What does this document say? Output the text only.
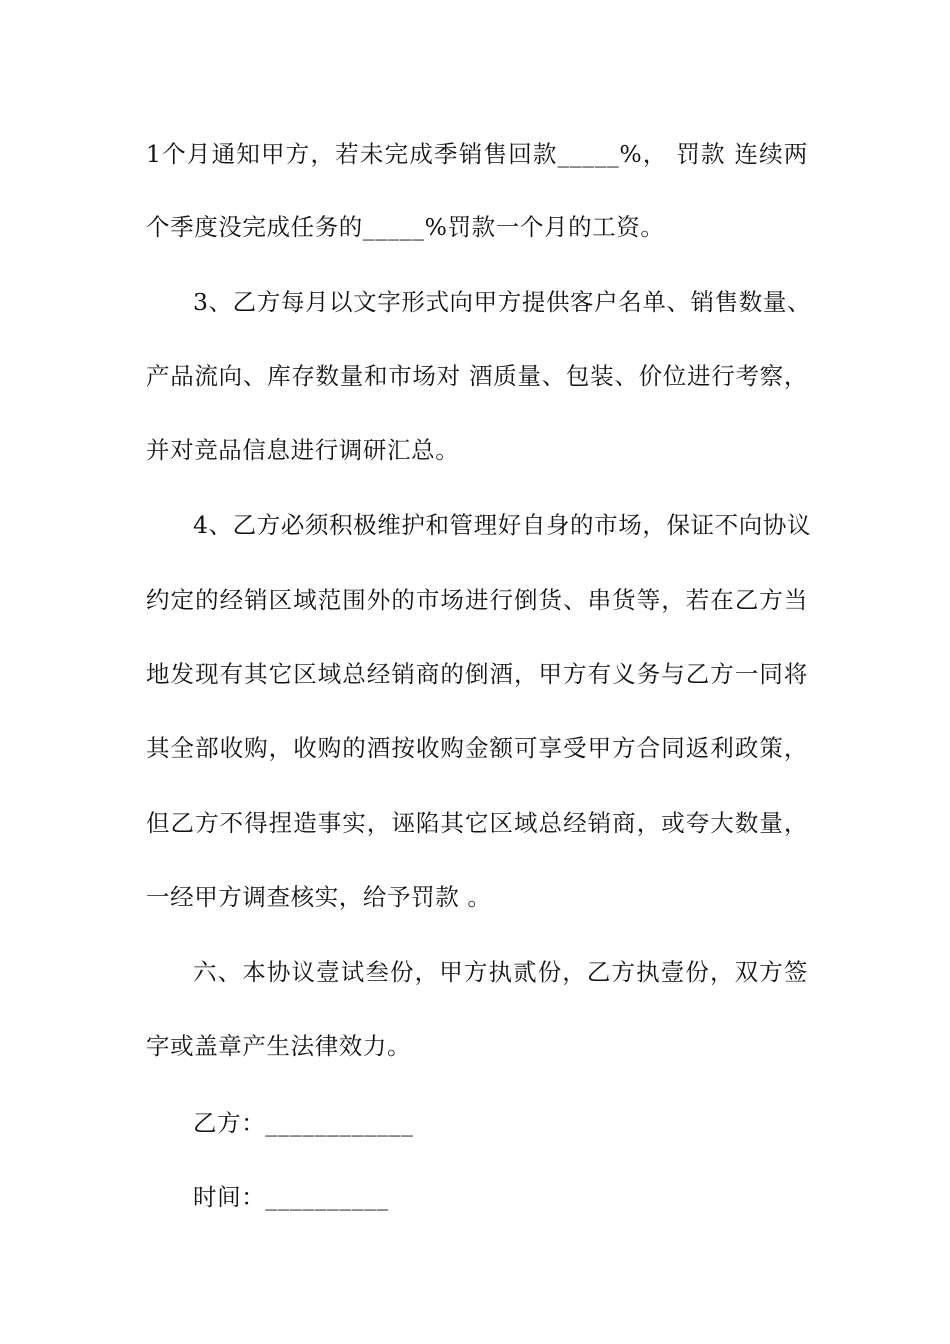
1个月通知甲方，若未完成季销售回款_____%， 罚款 连续两
个季度没完成任务的_____%罚款一个月的工资。
3、乙方每月以文字形式向甲方提供客户名单、销售数量、
产品流向、库存数量和市场对 酒质量、包装、价位进行考察，
并对竞品信息进行调研汇总。
4、乙方必须积极维护和管理好自身的市场，保证不向协议
约定的经销区域范围外的市场进行倒货、串货等，若在乙方当
地发现有其它区域总经销商的倒酒，甲方有义务与乙方一同将
其全部收购，收购的酒按收购金额可享受甲方合同返利政策，
但乙方不得捏造事实，诬陷其它区域总经销商，或夸大数量，
一经甲方调查核实，给予罚款 。
六、本协议壹试叁份，甲方执贰份，乙方执壹份，双方签
字或盖章产生法律效力。
乙方：____________
时间：__________
